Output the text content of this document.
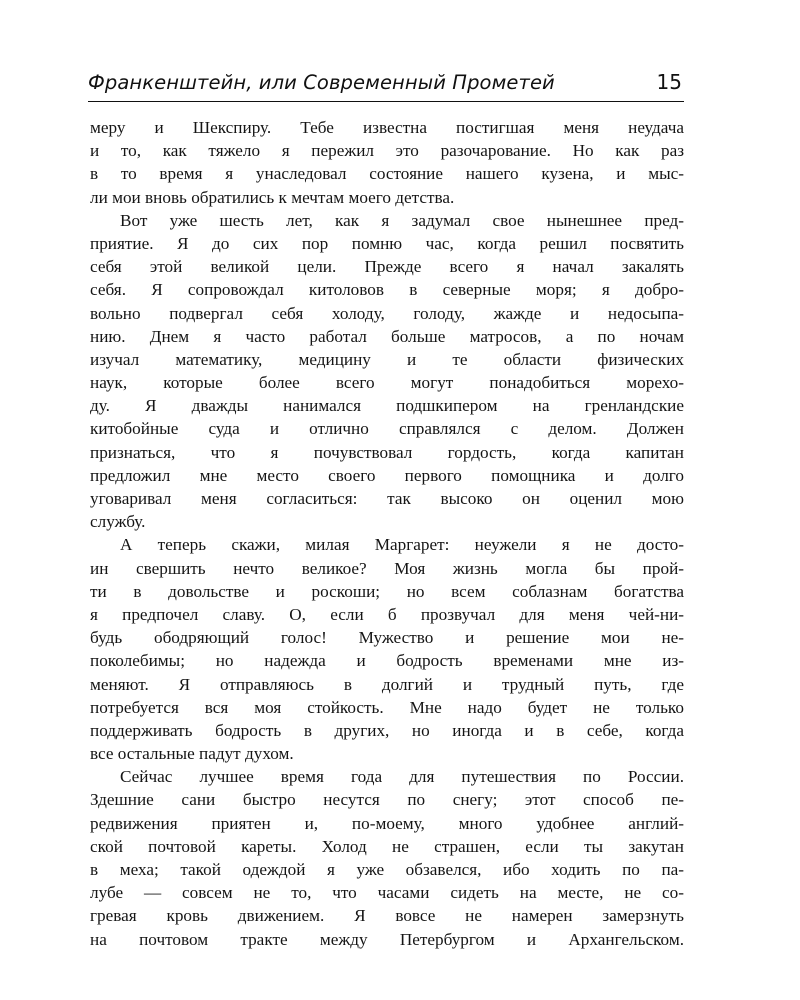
Франкенштейн, или Современный Прометей	15
меру и Шекспиру. Тебе известна постигшая меня неудача
и то, как тяжело я пережил это разочарование. Но как раз
в то время я унаследовал состояние нашего кузена, и мыс-
ли мои вновь обратились к мечтам моего детства.
Вот уже шесть лет, как я задумал свое нынешнее пред-
приятие. Я до сих пор помню час, когда решил посвятить
себя этой великой цели. Прежде всего я начал закалять
себя. Я сопровождал китоловов в северные моря; я добро-
вольно подвергал себя холоду, голоду, жажде и недосыпа-
нию. Днем я часто работал больше матросов, а по ночам
изучал математику, медицину и те области физических
наук, которые более всего могут понадобиться морехо-
ду. Я дважды нанимался подшкипером на гренландские
китобойные суда и отлично справлялся с делом. Должен
признаться, что я почувствовал гордость, когда капитан
предложил мне место своего первого помощника и долго
уговаривал меня согласиться: так высоко он оценил мою
службу.
А теперь скажи, милая Маргарет: неужели я не досто-
ин свершить нечто великое? Моя жизнь могла бы прой-
ти в довольстве и роскоши; но всем соблазнам богатства
я предпочел славу. О, если б прозвучал для меня чей-ни-
будь ободряющий голос! Мужество и решение мои не-
поколебимы; но надежда и бодрость временами мне из-
меняют. Я отправляюсь в долгий и трудный путь, где
потребуется вся моя стойкость. Мне надо будет не только
поддерживать бодрость в других, но иногда и в себе, когда
все остальные падут духом.
Сейчас лучшее время года для путешествия по России.
Здешние сани быстро несутся по снегу; этот способ пе-
редвижения приятен и, по-моему, много удобнее англий-
ской почтовой кареты. Холод не страшен, если ты закутан
в меха; такой одеждой я уже обзавелся, ибо ходить по па-
лубе — совсем не то, что часами сидеть на месте, не со-
гревая кровь движением. Я вовсе не намерен замерзнуть
на почтовом тракте между Петербургом и Архангельском.
